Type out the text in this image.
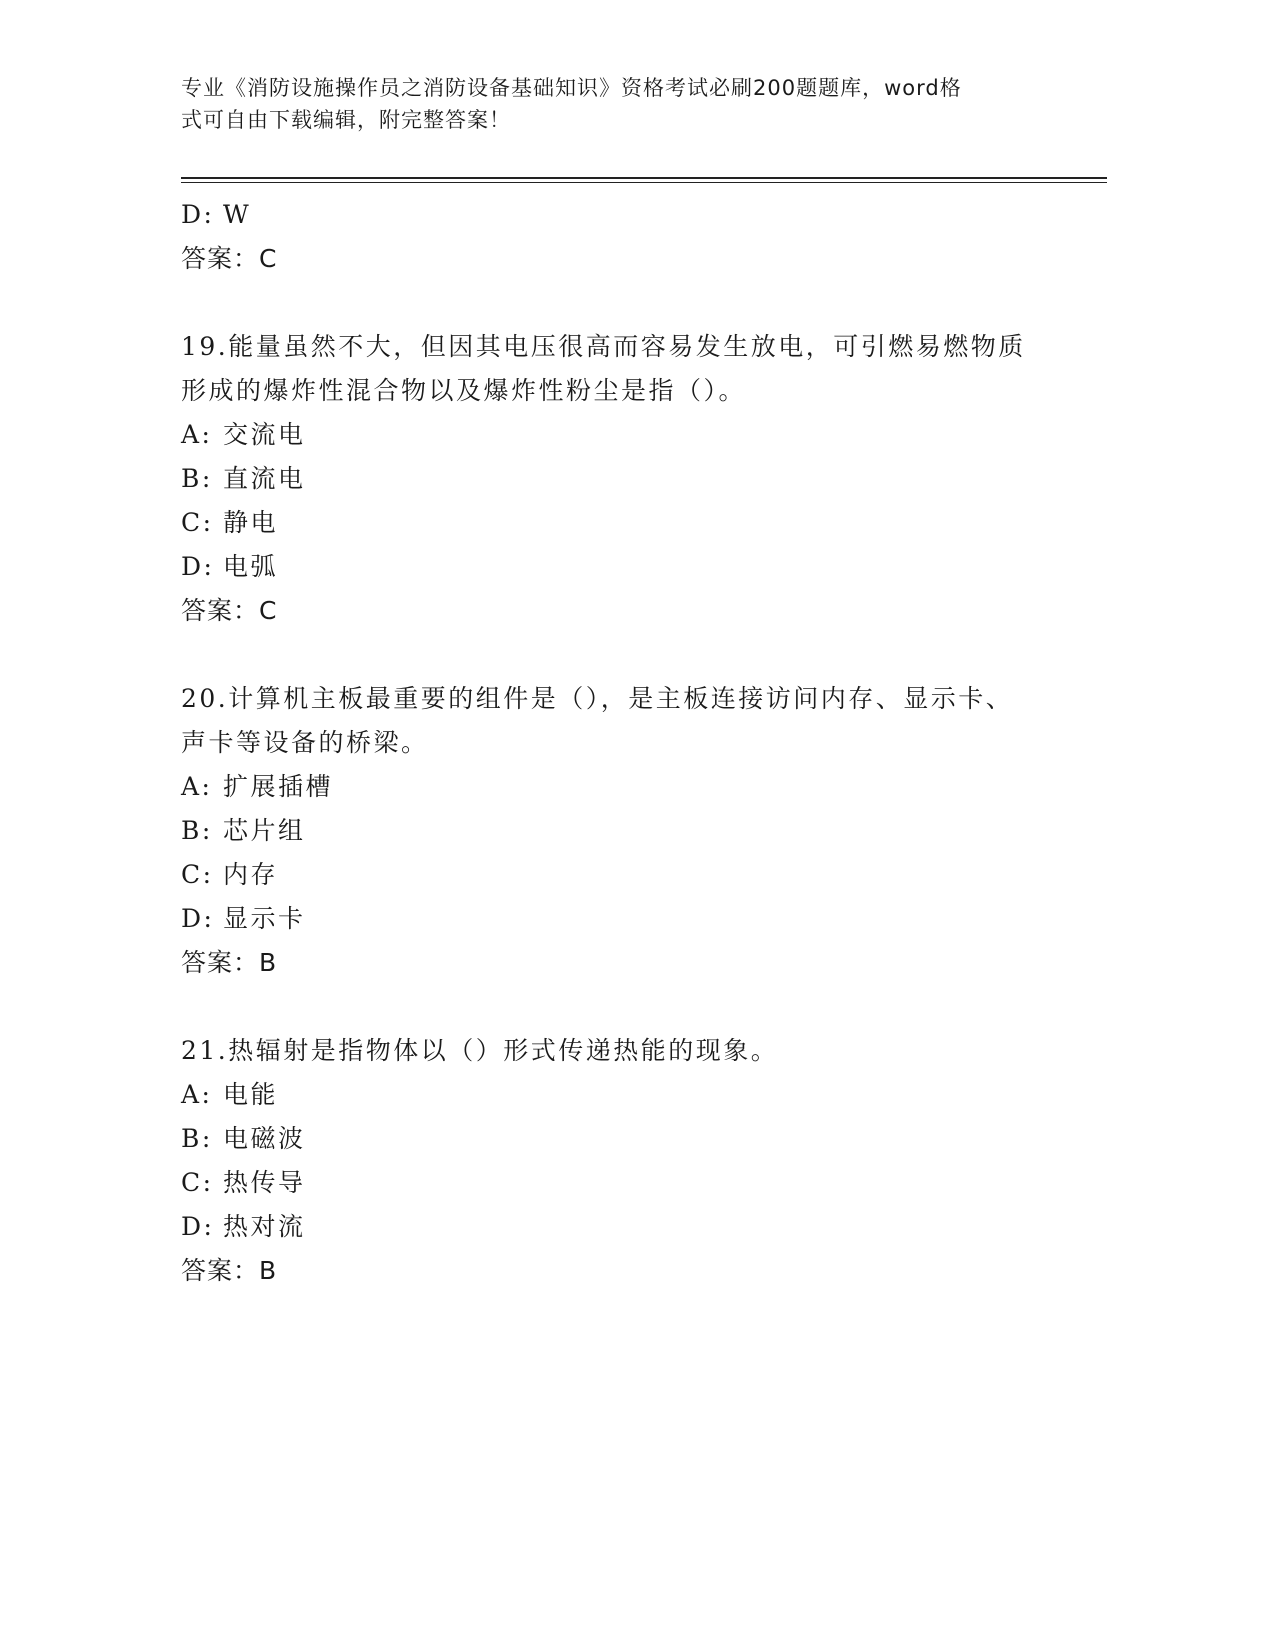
专业《消防设施操作员之消防设备基础知识》资格考试必刷200题题库，word格
式可自由下载编辑，附完整答案！
D: W
答案：C
19.能量虽然不大，但因其电压很高而容易发生放电，可引燃易燃物质
形成的爆炸性混合物以及爆炸性粉尘是指（）。
A: 交流电
B: 直流电
C: 静电
D: 电弧
答案：C
20.计算机主板最重要的组件是（），是主板连接访问内存、显示卡、
声卡等设备的桥梁。
A: 扩展插槽
B: 芯片组
C: 内存
D: 显示卡
答案：B
21.热辐射是指物体以（）形式传递热能的现象。
A: 电能
B: 电磁波
C: 热传导
D: 热对流
答案：B
